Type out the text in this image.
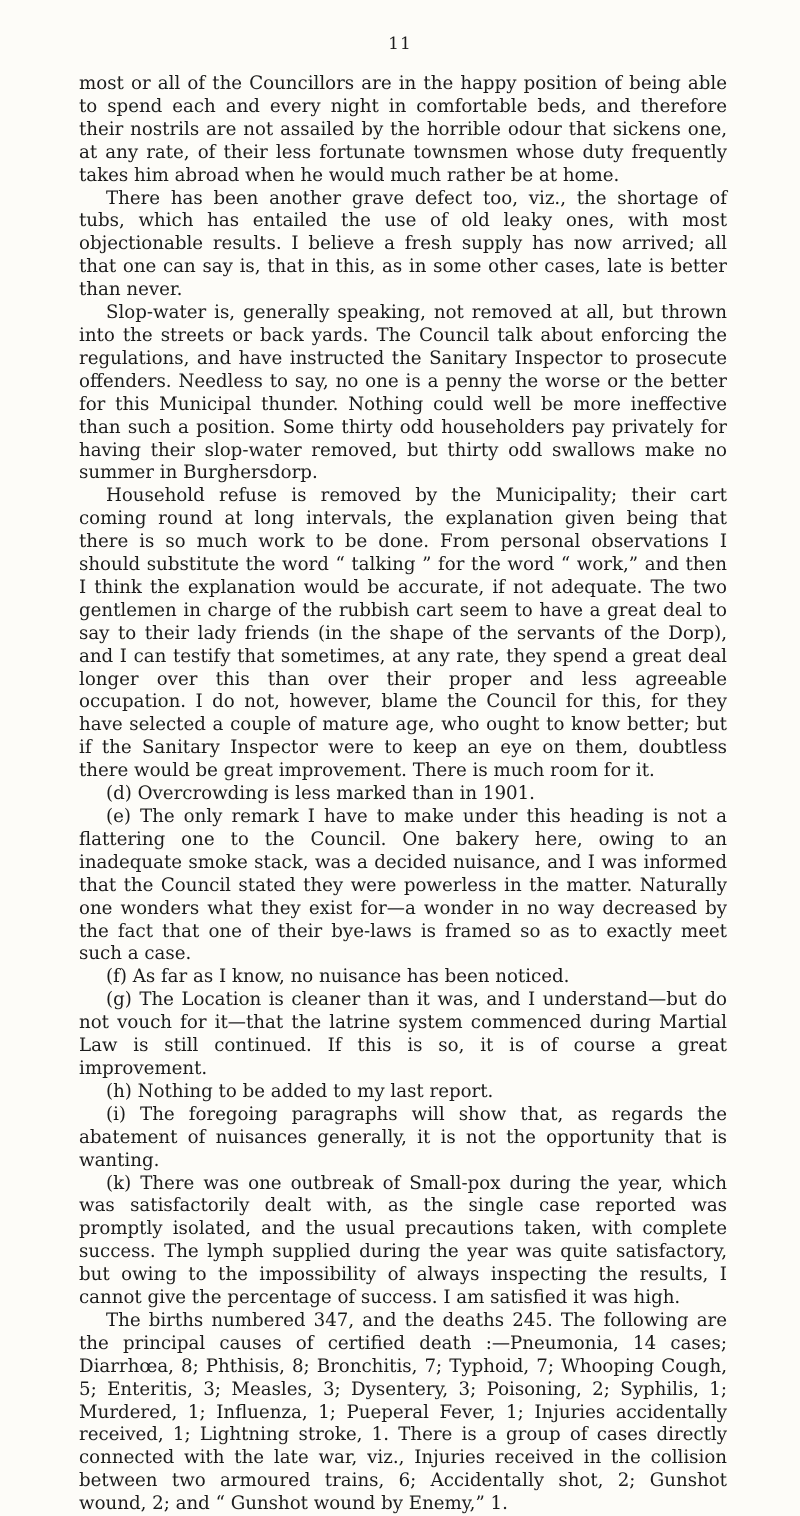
11

most or all of the Councillors are in the happy position of being able to spend each and every night in comfortable beds, and therefore their nostrils are not assailed by the horrible odour that sickens one, at any rate, of their less fortunate townsmen whose duty frequently takes him abroad when he would much rather be at home.

There has been another grave defect too, viz., the shortage of tubs, which has entailed the use of old leaky ones, with most objectionable results. I believe a fresh supply has now arrived; all that one can say is, that in this, as in some other cases, late is better than never.

Slop-water is, generally speaking, not removed at all, but thrown into the streets or back yards. The Council talk about enforcing the regulations, and have instructed the Sanitary Inspector to prosecute offenders. Needless to say, no one is a penny the worse or the better for this Municipal thunder. Nothing could well be more ineffective than such a position. Some thirty odd householders pay privately for having their slop-water removed, but thirty odd swallows make no summer in Burghersdorp.

Household refuse is removed by the Municipality; their cart coming round at long intervals, the explanation given being that there is so much work to be done. From personal observations I should substitute the word “ talking ” for the word “ work,” and then I think the explanation would be accurate, if not adequate. The two gentlemen in charge of the rubbish cart seem to have a great deal to say to their lady friends (in the shape of the servants of the Dorp), and I can testify that sometimes, at any rate, they spend a great deal longer over this than over their proper and less agreeable occupation. I do not, however, blame the Council for this, for they have selected a couple of mature age, who ought to know better; but if the Sanitary Inspector were to keep an eye on them, doubtless there would be great improvement. There is much room for it.

(d) Overcrowding is less marked than in 1901.

(e) The only remark I have to make under this heading is not a flattering one to the Council. One bakery here, owing to an inadequate smoke stack, was a decided nuisance, and I was informed that the Council stated they were powerless in the matter. Naturally one wonders what they exist for—a wonder in no way decreased by the fact that one of their bye-laws is framed so as to exactly meet such a case.

(f) As far as I know, no nuisance has been noticed.

(g) The Location is cleaner than it was, and I understand—but do not vouch for it—that the latrine system commenced during Martial Law is still continued. If this is so, it is of course a great improvement.

(h) Nothing to be added to my last report.

(i) The foregoing paragraphs will show that, as regards the abatement of nuisances generally, it is not the opportunity that is wanting.

(k) There was one outbreak of Small-pox during the year, which was satisfactorily dealt with, as the single case reported was promptly isolated, and the usual precautions taken, with complete success. The lymph supplied during the year was quite satisfactory, but owing to the impossibility of always inspecting the results, I cannot give the percentage of success. I am satisfied it was high.

The births numbered 347, and the deaths 245. The following are the principal causes of certified death :—Pneumonia, 14 cases; Diarrhœa, 8; Phthisis, 8; Bronchitis, 7; Typhoid, 7; Whooping Cough, 5; Enteritis, 3; Measles, 3; Dysentery, 3; Poisoning, 2; Syphilis, 1; Murdered, 1; Influenza, 1; Pueperal Fever, 1; Injuries accidentally received, 1; Lightning stroke, 1. There is a group of cases directly connected with the late war, viz., Injuries received in the collision between two armoured trains, 6; Accidentally shot, 2; Gunshot wound, 2; and “ Gunshot wound by Enemy,” 1.
